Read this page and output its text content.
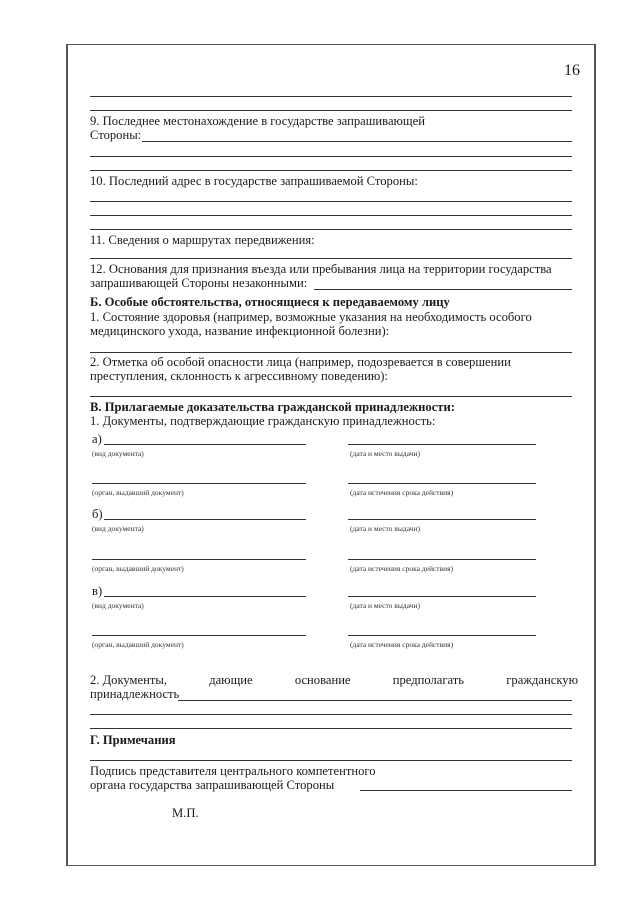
16
9. Последнее местонахождение в государстве запрашивающей
Стороны:
10. Последний адрес в государстве запрашиваемой Стороны:
11. Сведения о маршрутах передвижения:
12. Основания для признания въезда или пребывания лица на территории государства
запрашивающей Стороны незаконными:
Б. Особые обстоятельства, относящиеся к передаваемому лицу
1. Состояние здоровья (например, возможные указания на необходимость особого
медицинского ухода, название инфекционной болезни):
2. Отметка об особой опасности лица (например, подозревается в совершении
преступления, склонность к агрессивному поведению):
В. Прилагаемые доказательства гражданской принадлежности:
1. Документы, подтверждающие гражданскую принадлежность:
а)
(вид документа)	(дата и место выдачи)
(орган, выдавший документ)	(дата истечения срока действия)
б)
(вид документа)	(дата и место выдачи)
(орган, выдавший документ)	(дата истечения срока действия)
в)
(вид документа)	(дата и место выдачи)
(орган, выдавший документ)	(дата истечения срока действия)
2. Документы,	дающие	основание	предполагать	гражданскую
принадлежность
Г. Примечания
Подпись представителя центрального компетентного
органа государства запрашивающей Стороны
М.П.
